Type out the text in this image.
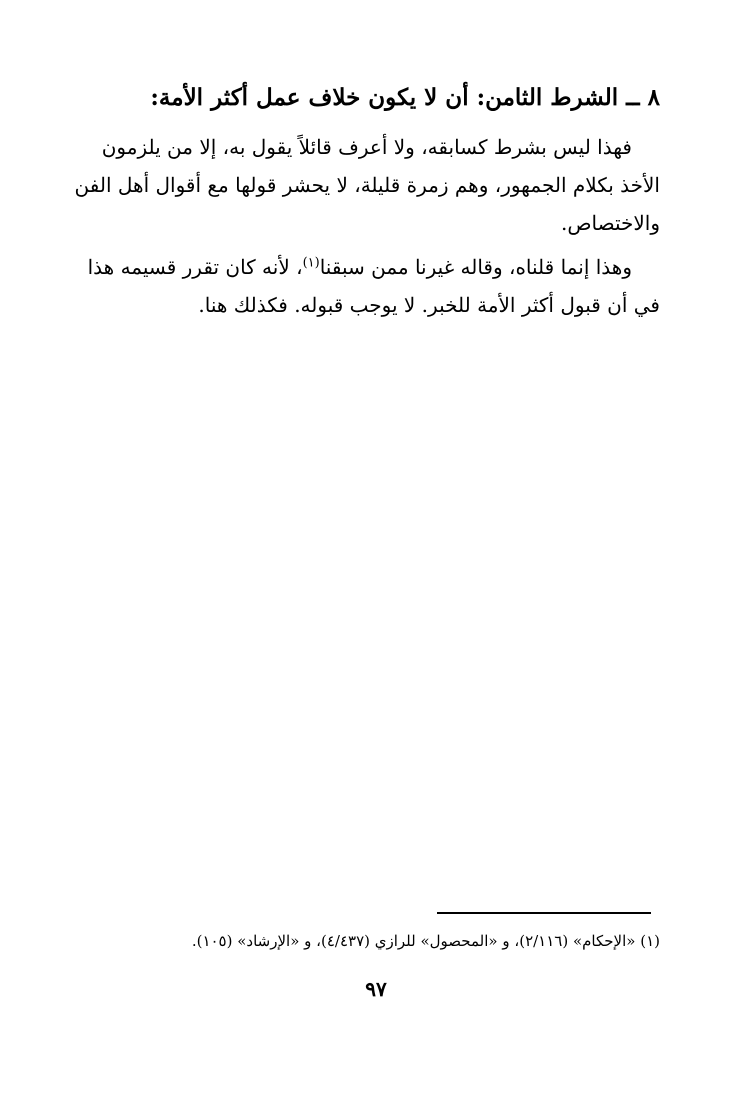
٨ ــ الشرط الثامن: أن لا يكون خلاف عمل أكثر الأمة:
فهذا ليس بشرط كسابقه، ولا أعرف قائلاً يقول به، إلا من يلزمون
الأخذ بكلام الجمهور، وهم زمرة قليلة، لا يحشر قولها مع أقوال أهل الفن
والاختصاص.
وهذا إنما قلناه، وقاله غيرنا ممن سبقنا$^{(١)}$، لأنه كان تقرر قسيمه هذا
في أن قبول أكثر الأمة للخبر. لا يوجب قبوله. فكذلك هنا.
(١) «الإحكام» (٢/١١٦)، و «المحصول» للرازي (٤/٤٣٧)، و «الإرشاد» (١٠٥).
٩٧
